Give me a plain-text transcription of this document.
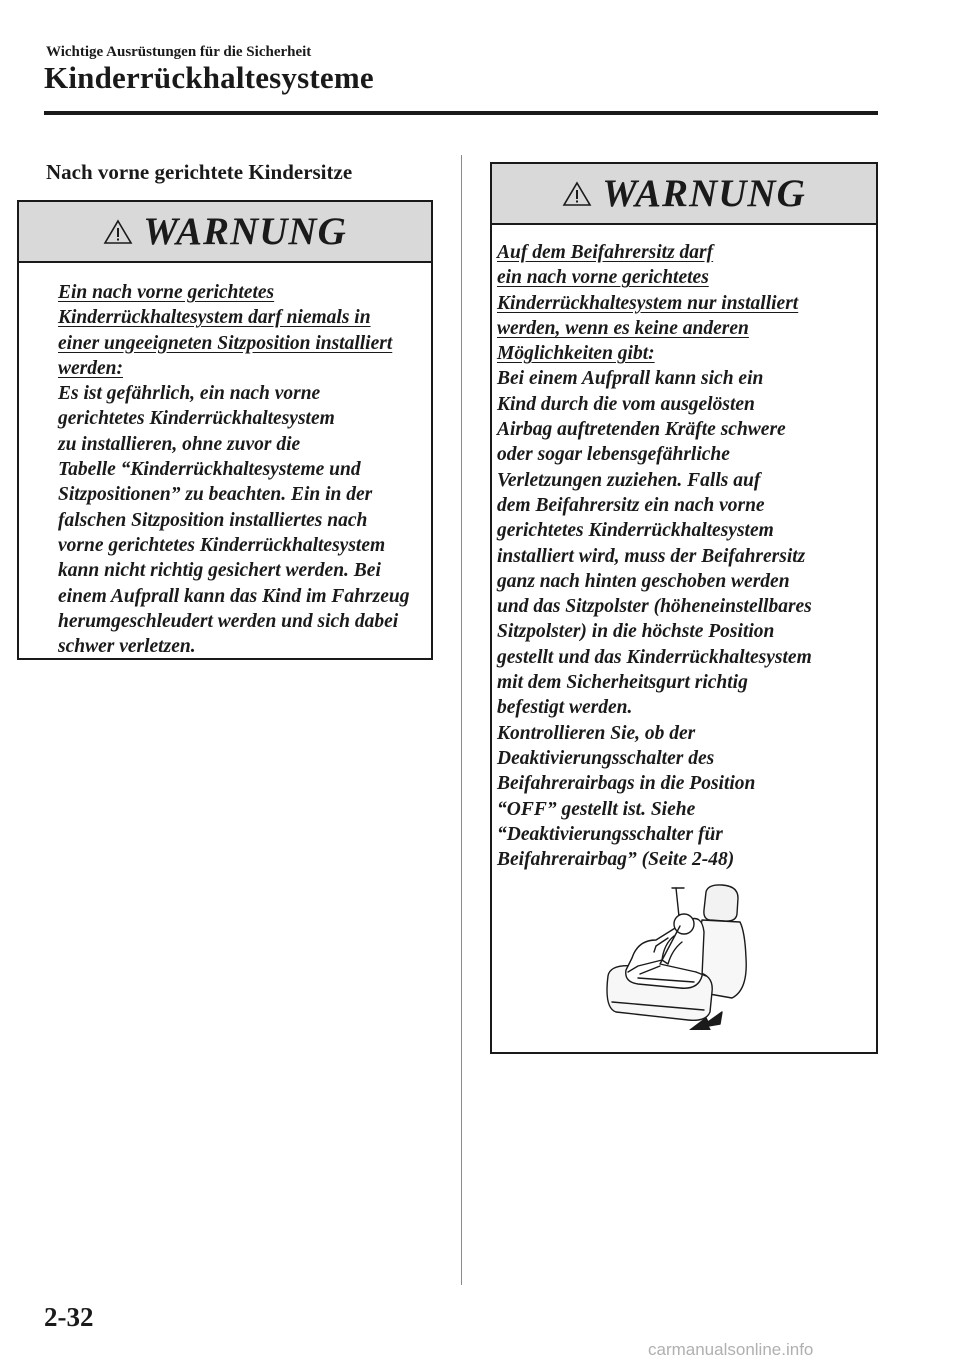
Wichtige Ausrüstungen für die Sicherheit
Kinderrückhaltesysteme
Nach vorne gerichtete Kindersitze
WARNUNG
Ein nach vorne gerichtetes
Kinderrückhaltesystem darf niemals in
einer ungeeigneten Sitzposition installiert
werden:
Es ist gefährlich, ein nach vorne
gerichtetes Kinderrückhaltesystem
zu installieren, ohne zuvor die
Tabelle “Kinderrückhaltesysteme und
Sitzpositionen” zu beachten. Ein in der
falschen Sitzposition installiertes nach
vorne gerichtetes Kinderrückhaltesystem
kann nicht richtig gesichert werden. Bei
einem Aufprall kann das Kind im Fahrzeug
herumgeschleudert werden und sich dabei
schwer verletzen.
WARNUNG
Auf dem Beifahrersitz darf
ein nach vorne gerichtetes
Kinderrückhaltesystem nur installiert
werden, wenn es keine anderen
Möglichkeiten gibt:
Bei einem Aufprall kann sich ein
Kind durch die vom ausgelösten
Airbag auftretenden Kräfte schwere
oder sogar lebensgefährliche
Verletzungen zuziehen. Falls auf
dem Beifahrersitz ein nach vorne
gerichtetes Kinderrückhaltesystem
installiert wird, muss der Beifahrersitz
ganz nach hinten geschoben werden
und das Sitzpolster (höheneinstellbares
Sitzpolster) in die höchste Position
gestellt und das Kinderrückhaltesystem
mit dem Sicherheitsgurt richtig
befestigt werden.
Kontrollieren Sie, ob der
Deaktivierungsschalter des
Beifahrerairbags in die Position
“OFF” gestellt ist. Siehe
“Deaktivierungsschalter für
Beifahrerairbag” (Seite 2-48)
2-32
carmanualsonline.info
